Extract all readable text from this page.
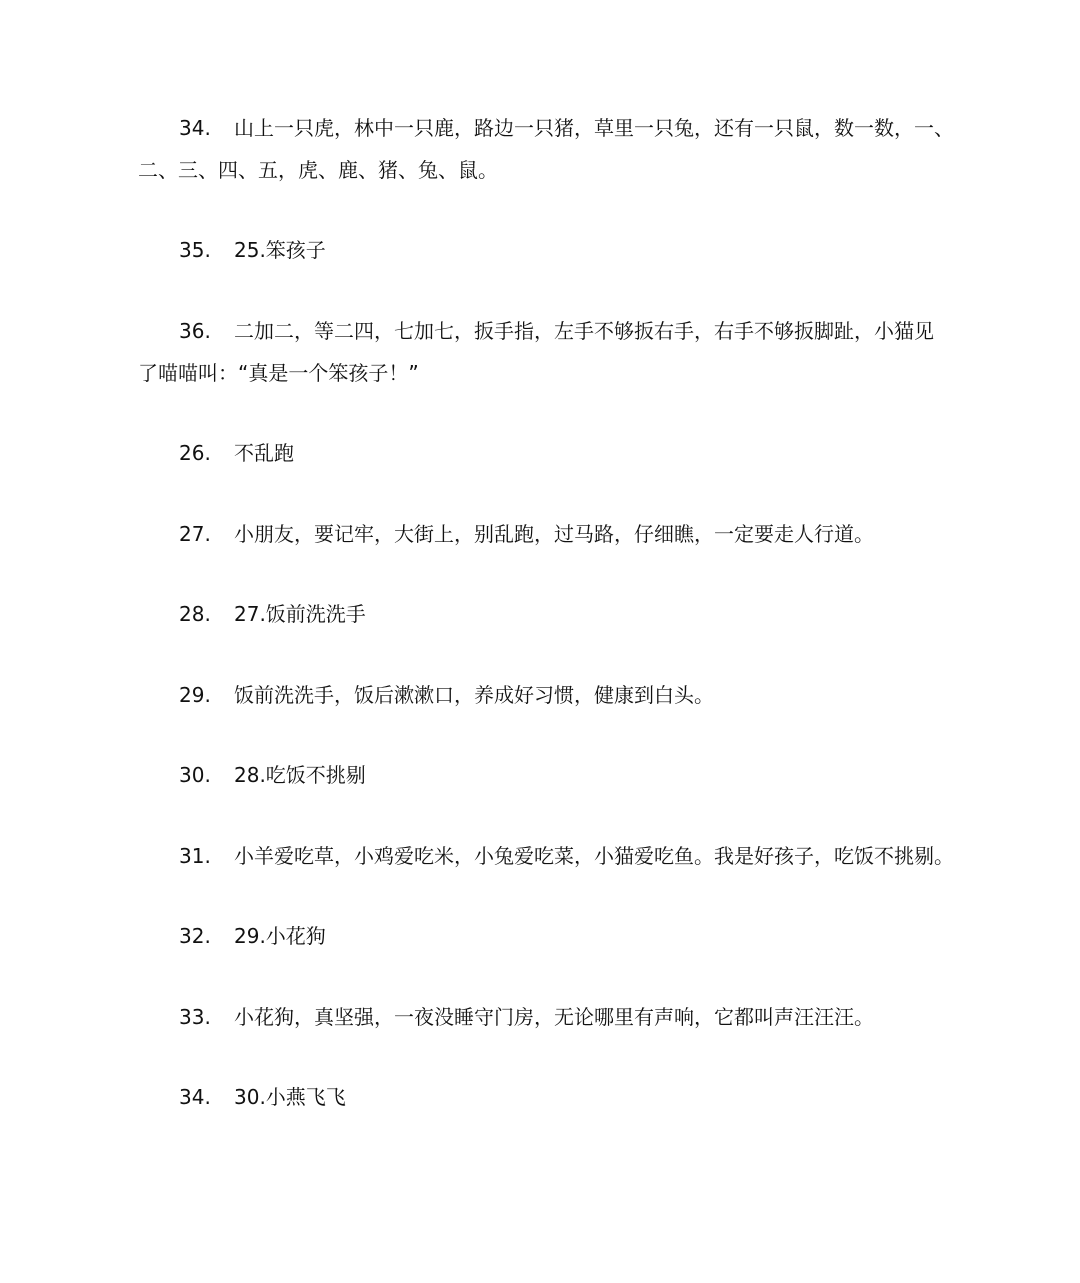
34. 山上一只虎，林中一只鹿，路边一只猪，草里一只兔，还有一只鼠，数一数，一、
二、三、四、五，虎、鹿、猪、兔、鼠。
35. 25.笨孩子
36. 二加二，等二四，七加七，扳手指，左手不够扳右手，右手不够扳脚趾，小猫见
了喵喵叫：“真是一个笨孩子！”
26. 不乱跑
27. 小朋友，要记牢，大街上，别乱跑，过马路，仔细瞧，一定要走人行道。
28. 27.饭前洗洗手
29. 饭前洗洗手，饭后漱漱口，养成好习惯，健康到白头。
30. 28.吃饭不挑剔
31. 小羊爱吃草，小鸡爱吃米，小兔爱吃菜，小猫爱吃鱼。我是好孩子，吃饭不挑剔。
32. 29.小花狗
33. 小花狗，真坚强，一夜没睡守门房，无论哪里有声响，它都叫声汪汪汪。
34. 30.小燕飞飞
